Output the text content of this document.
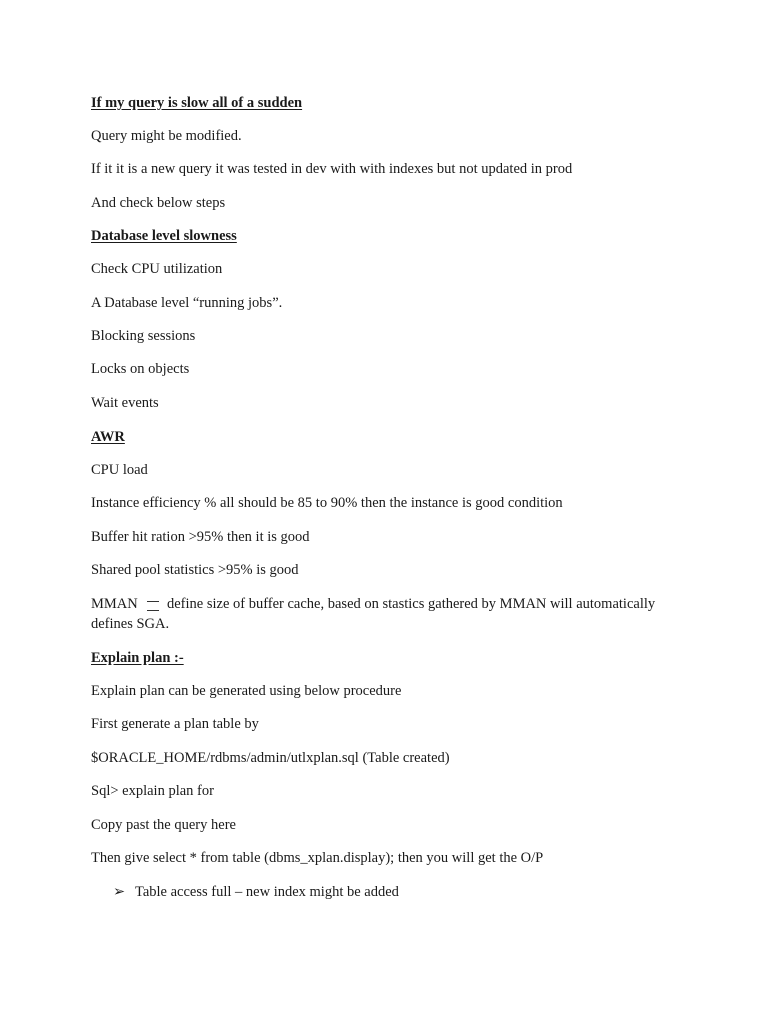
If my query is slow all of a sudden
Query might be modified.
If it it is a new query it was tested in dev with with indexes but not updated in prod
And check below steps
Database level slowness
Check CPU utilization
A Database level “running jobs”.
Blocking sessions
Locks on objects
Wait events
AWR
CPU load
Instance efficiency % all should be 85 to 90% then the instance is good condition
Buffer hit ration >95% then it is good
Shared pool statistics >95% is good
MMAN define size of buffer cache, based on stastics gathered by MMAN will automatically
defines SGA.
Explain plan :-
Explain plan can be generated using below procedure
First generate a plan table by
$ORACLE_HOME/rdbms/admin/utlxplan.sql (Table created)
Sql> explain plan for
Copy past the query here
Then give select * from table (dbms_xplan.display); then you will get the O/P
➢ Table access full – new index might be added
